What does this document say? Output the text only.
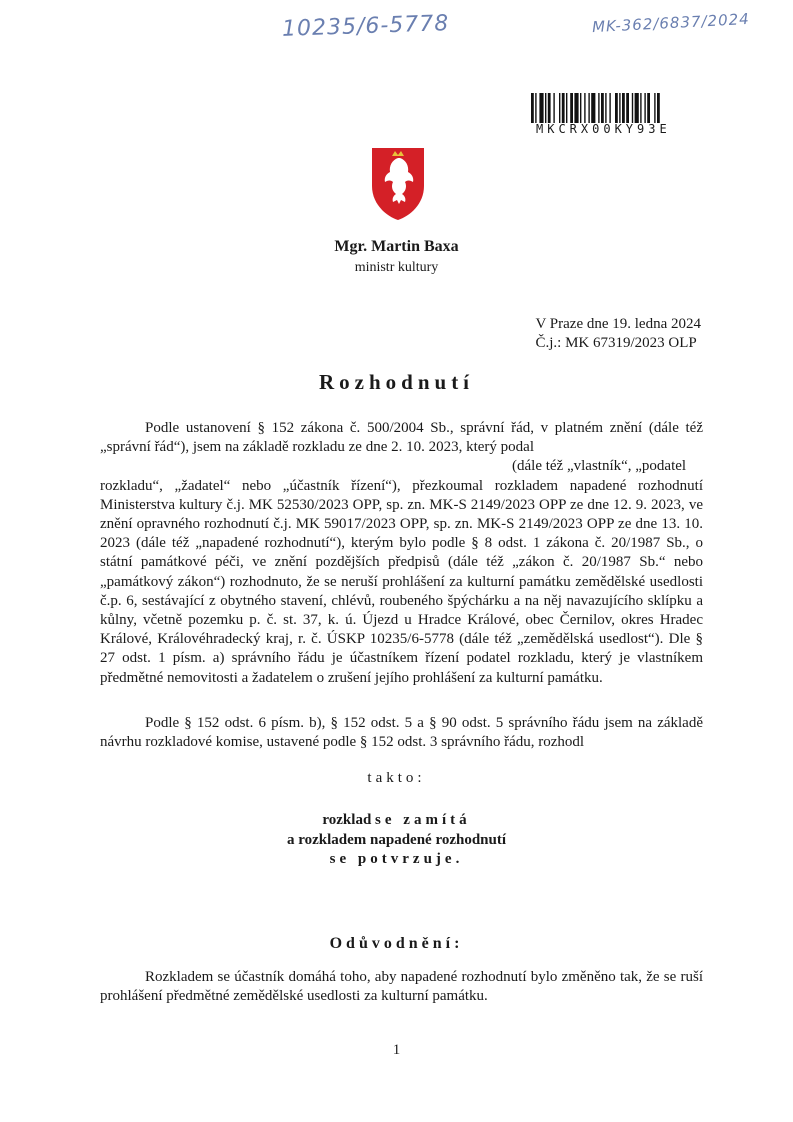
10235/6-5778	MK-362/6837/2024
MKCRX00KY93E
Mgr. Martin Baxa
ministr kultury
V Praze dne 19. ledna 2024
Č.j.: MK 67319/2023 OLP
Rozhodnutí
Podle ustanovení § 152 zákona č. 500/2004 Sb., správní řád, v platném znění (dále též „správní řád“), jsem na základě rozkladu ze dne 2. 10. 2023, který podal
(dále též „vlastník“, „podatel
rozkladu“, „žadatel“ nebo „účastník řízení“), přezkoumal rozkladem napadené rozhodnutí Ministerstva kultury č.j. MK 52530/2023 OPP, sp. zn. MK-S 2149/2023 OPP ze dne 12. 9. 2023, ve znění opravného rozhodnutí č.j. MK 59017/2023 OPP, sp. zn. MK-S 2149/2023 OPP ze dne 13. 10. 2023 (dále též „napadené rozhodnutí“), kterým bylo podle § 8 odst. 1 zákona č. 20/1987 Sb., o státní památkové péči, ve znění pozdějších předpisů (dále též „zákon č. 20/1987 Sb.“ nebo „památkový zákon“) rozhodnuto, že se neruší prohlášení za kulturní památku zemědělské usedlosti č.p. 6, sestávající z obytného stavení, chlévů, roubeného špýchárku a na něj navazujícího sklípku a kůlny, včetně pozemku p. č. st. 37, k. ú. Újezd u Hradce Králové, obec Černilov, okres Hradec Králové, Královéhradecký kraj, r. č. ÚSKP 10235/6-5778 (dále též „zemědělská usedlost“). Dle § 27 odst. 1 písm. a) správního řádu je účastníkem řízení podatel rozkladu, který je vlastníkem předmětné nemovitosti a žadatelem o zrušení jejího prohlášení za kulturní památku.
Podle § 152 odst. 6 písm. b), § 152 odst. 5 a § 90 odst. 5 správního řádu jsem na základě návrhu rozkladové komise, ustavené podle § 152 odst. 3 správního řádu, rozhodl
takto:
rozklad se zamítá
a rozkladem napadené rozhodnutí
se potvrzuje.
Odůvodnění:
Rozkladem se účastník domáhá toho, aby napadené rozhodnutí bylo změněno tak, že se ruší prohlášení předmětné zemědělské usedlosti za kulturní památku.
1
